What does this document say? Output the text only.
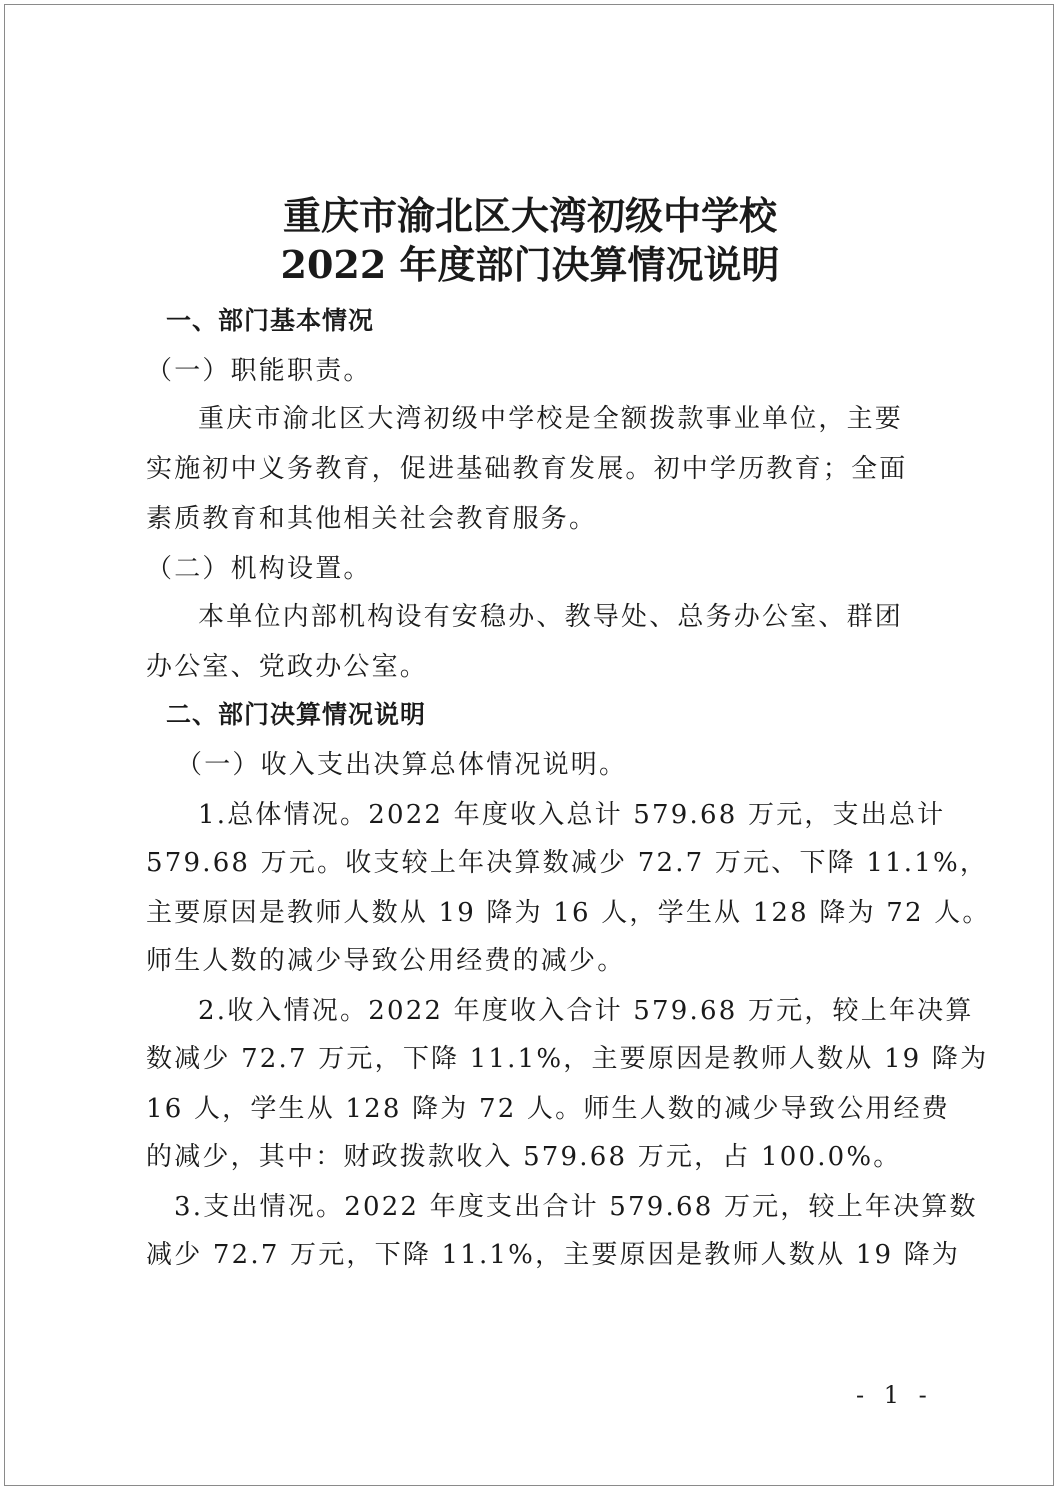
重庆市渝北区大湾初级中学校
2022 年度部门决算情况说明
一、部门基本情况
（一）职能职责。
重庆市渝北区大湾初级中学校是全额拨款事业单位，主要
实施初中义务教育，促进基础教育发展。初中学历教育；全面
素质教育和其他相关社会教育服务。
（二）机构设置。
本单位内部机构设有安稳办、教导处、总务办公室、群团
办公室、党政办公室。
二、部门决算情况说明
（一）收入支出决算总体情况说明。
1.总体情况。2022 年度收入总计 579.68 万元，支出总计
579.68 万元。收支较上年决算数减少 72.7 万元、下降 11.1%，
主要原因是教师人数从 19 降为 16 人，学生从 128 降为 72 人。
师生人数的减少导致公用经费的减少。
2.收入情况。2022 年度收入合计 579.68 万元，较上年决算
数减少 72.7 万元，下降 11.1%，主要原因是教师人数从 19 降为
16 人，学生从 128 降为 72 人。师生人数的减少导致公用经费
的减少，其中：财政拨款收入 579.68 万元，占 100.0%。
3.支出情况。2022 年度支出合计 579.68 万元，较上年决算数
减少 72.7 万元，下降 11.1%，主要原因是教师人数从 19 降为
- 1 -
